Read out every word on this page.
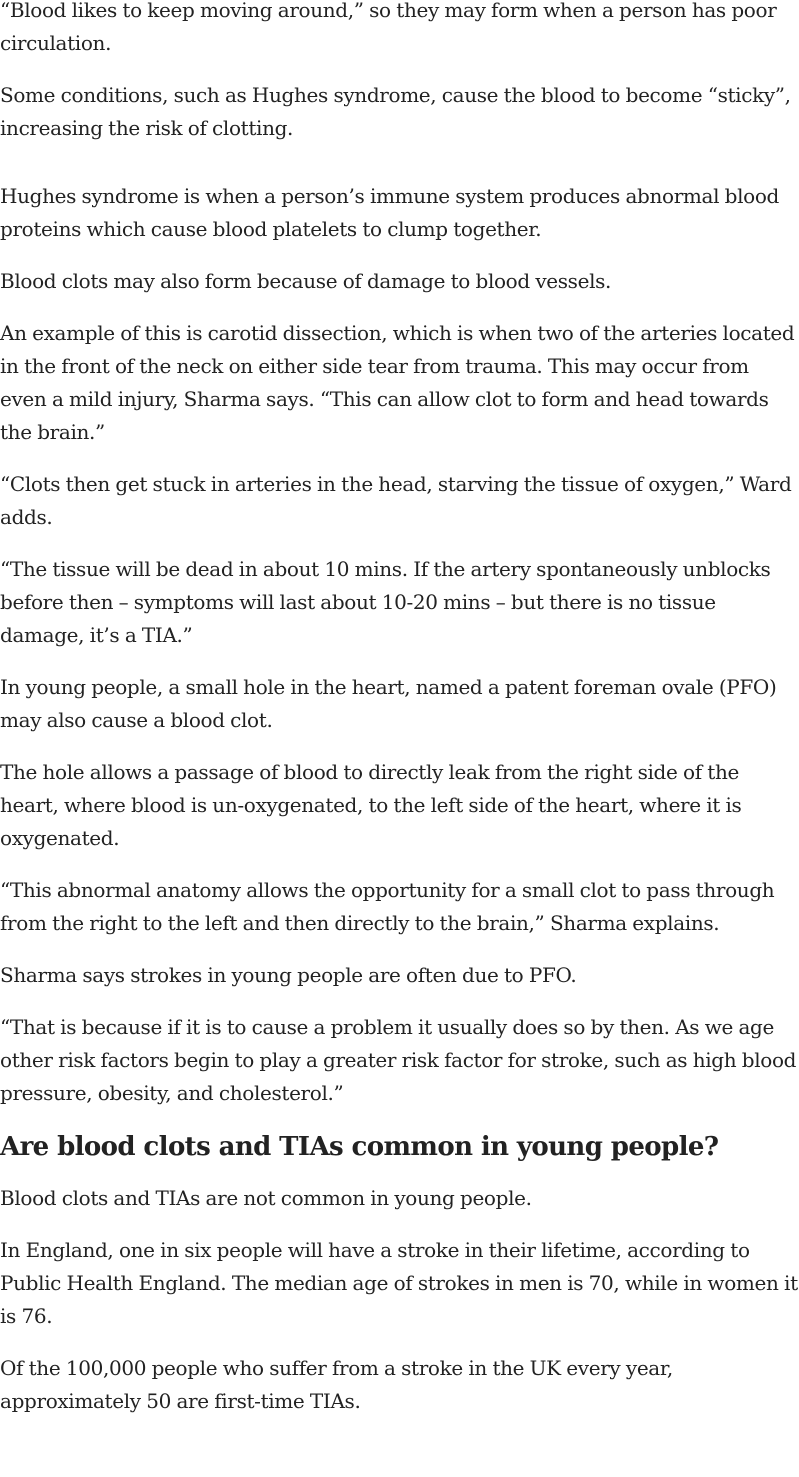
“Blood likes to keep moving around,” so they may form when a person has poor circulation.

Some conditions, such as Hughes syndrome, cause the blood to become “sticky”, increasing the risk of clotting.

Hughes syndrome is when a person’s immune system produces abnormal blood proteins which cause blood platelets to clump together.

Blood clots may also form because of damage to blood vessels.

An example of this is carotid dissection, which is when two of the arteries located in the front of the neck on either side tear from trauma. This may occur from even a mild injury, Sharma says. “This can allow clot to form and head towards the brain.”

“Clots then get stuck in arteries in the head, starving the tissue of oxygen,” Ward adds.

“The tissue will be dead in about 10 mins. If the artery spontaneously unblocks before then – symptoms will last about 10-20 mins – but there is no tissue damage, it’s a TIA.”

In young people, a small hole in the heart, named a patent foreman ovale (PFO) may also cause a blood clot.

The hole allows a passage of blood to directly leak from the right side of the heart, where blood is un-oxygenated, to the left side of the heart, where it is oxygenated.

“This abnormal anatomy allows the opportunity for a small clot to pass through from the right to the left and then directly to the brain,” Sharma explains.

Sharma says strokes in young people are often due to PFO.

“That is because if it is to cause a problem it usually does so by then. As we age other risk factors begin to play a greater risk factor for stroke, such as high blood pressure, obesity, and cholesterol.”

Are blood clots and TIAs common in young people?

Blood clots and TIAs are not common in young people.

In England, one in six people will have a stroke in their lifetime, according to Public Health England. The median age of strokes in men is 70, while in women it is 76.

Of the 100,000 people who suffer from a stroke in the UK every year, approximately 50 are first-time TIAs.
